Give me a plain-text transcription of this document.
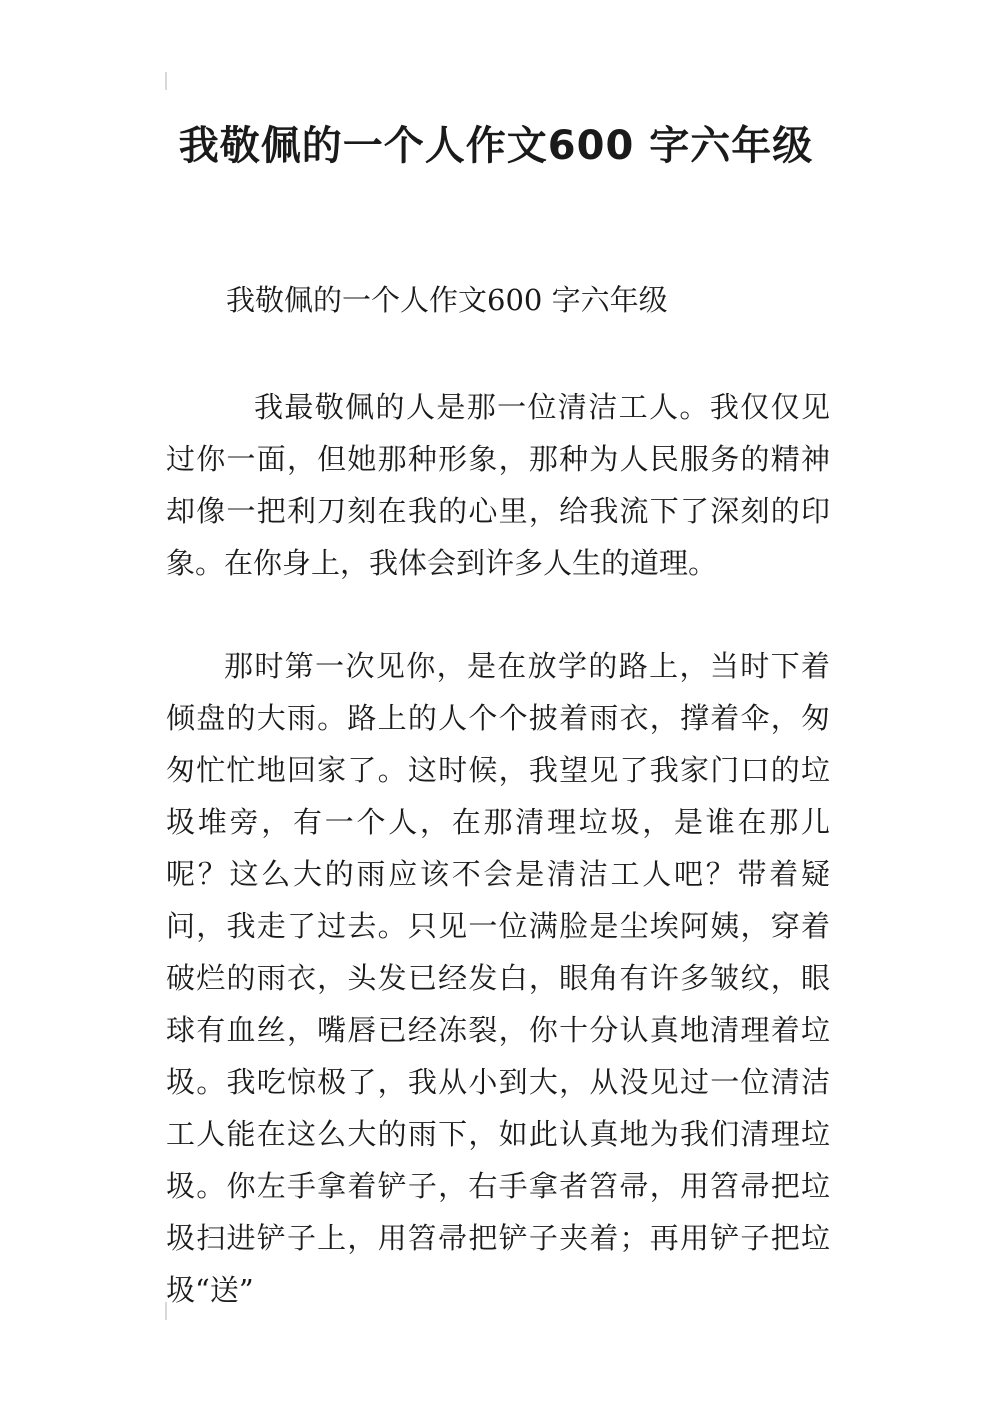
我敬佩的一个人作文600 字六年级
我敬佩的一个人作文600 字六年级

我最敬佩的人是那一位清洁工人。我仅仅见过你一面，但她那种形象，那种为人民服务的精神却像一把利刀刻在我的心里，给我流下了深刻的印象。在你身上，我体会到许多人生的道理。

那时第一次见你，是在放学的路上，当时下着倾盘的大雨。路上的人个个披着雨衣，撑着伞，匆匆忙忙地回家了。这时候，我望见了我家门口的垃圾堆旁，有一个人，在那清理垃圾，是谁在那儿呢？这么大的雨应该不会是清洁工人吧？带着疑问，我走了过去。只见一位满脸是尘埃阿姨，穿着破烂的雨衣，头发已经发白，眼角有许多皱纹，眼球有血丝，嘴唇已经冻裂，你十分认真地清理着垃圾。我吃惊极了，我从小到大，从没见过一位清洁工人能在这么大的雨下，如此认真地为我们清理垃圾。你左手拿着铲子，右手拿者笤帚，用笤帚把垃圾扫进铲子上，用笤帚把铲子夹着；再用铲子把垃圾“送”
